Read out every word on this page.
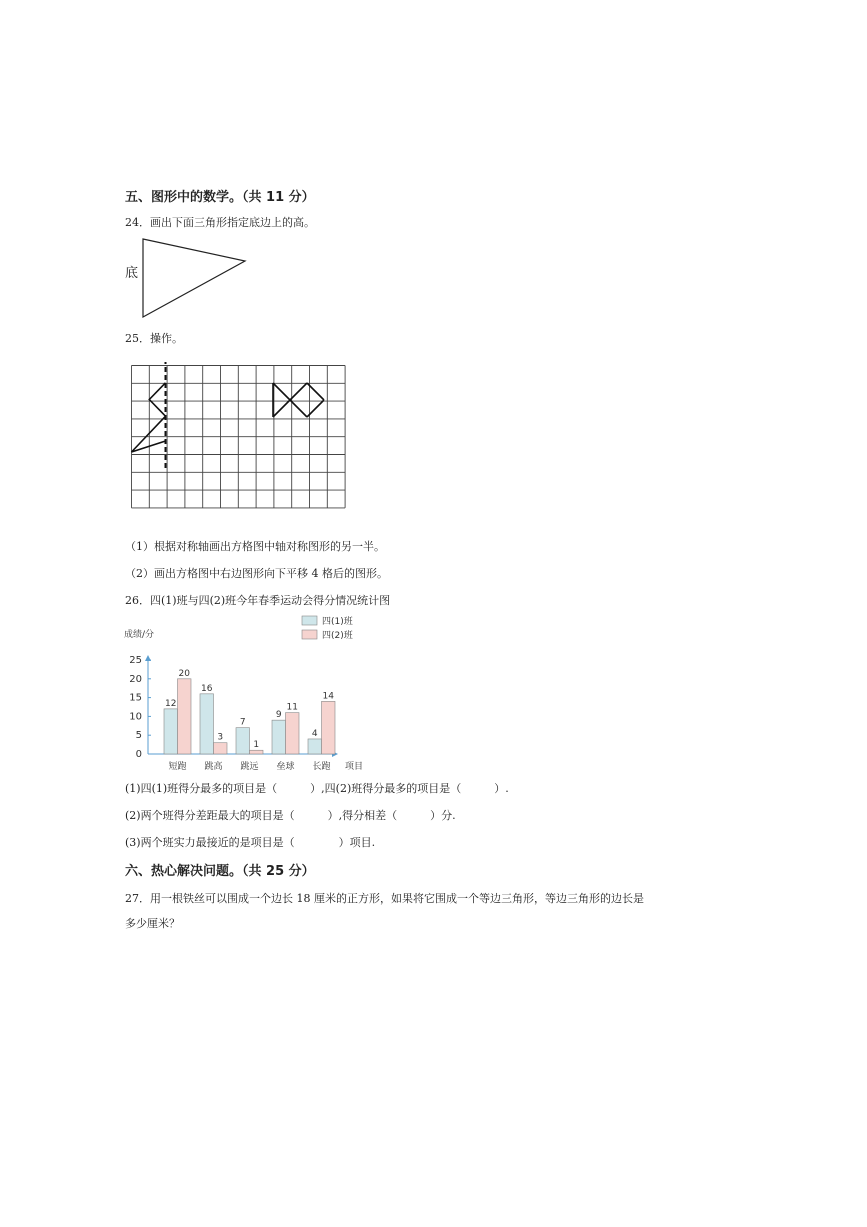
五、图形中的数学。（共 11 分）
24．画出下面三角形指定底边上的高。
底
25．操作。
（1）根据对称轴画出方格图中轴对称图形的另一半。
（2）画出方格图中右边图形向下平移 4 格后的图形。
26．四(1)班与四(2)班今年春季运动会得分情况统计图
成绩/分
项目
0
5
10
15
20
25
四(1)班
四(2)班
12
20
短跑
16
3
跳高
7
1
跳远
9
11
垒球
4
14
长跑
(1)四(1)班得分最多的项目是（　　　）,四(2)班得分最多的项目是（　　　）.
(2)两个班得分差距最大的项目是（　　　）,得分相差（　　　）分.
(3)两个班实力最接近的是项目是（　　　　）项目.
六、热心解决问题。（共 25 分）
27．用一根铁丝可以围成一个边长 18 厘米的正方形，如果将它围成一个等边三角形，等边三角形的边长是
多少厘米？
